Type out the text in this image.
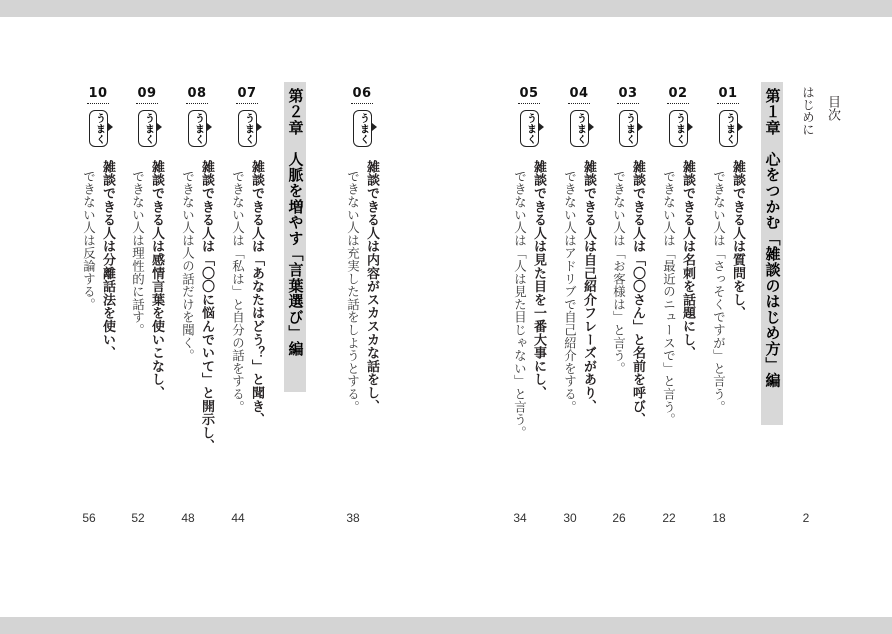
目次
はじめに
2
第１章　心をつかむ「雑談のはじめ方」編
第２章　人脈を増やす「言葉選び」編	01
うまく
雑談できる人は質問をし、
できない人は「さっそくですが」と言う。
18
02
うまく
雑談できる人は名刺を話題にし、
できない人は「最近のニュースで」と言う。
22
03
うまく
雑談できる人は「〇〇さん」と名前を呼び、
できない人は「お客様は」と言う。
26
04
うまく
雑談できる人は自己紹介フレーズがあり、
できない人はアドリブで自己紹介をする。
30
05
うまく
雑談できる人は見た目を一番大事にし、
できない人は「人は見た目じゃない」と言う。
34
06
うまく
雑談できる人は内容がスカスカな話をし、
できない人は充実した話をしようとする。
38
07
うまく
雑談できる人は「あなたはどう？」と聞き、
できない人は「私は」と自分の話をする。
44
08
うまく
雑談できる人は「〇〇に悩んでいて」と開示し、
できない人は人の話だけを聞く。
48
09
うまく
雑談できる人は感情言葉を使いこなし、
できない人は理性的に話す。
52
10
うまく
雑談できる人は分離話法を使い、
できない人は反論する。
56
